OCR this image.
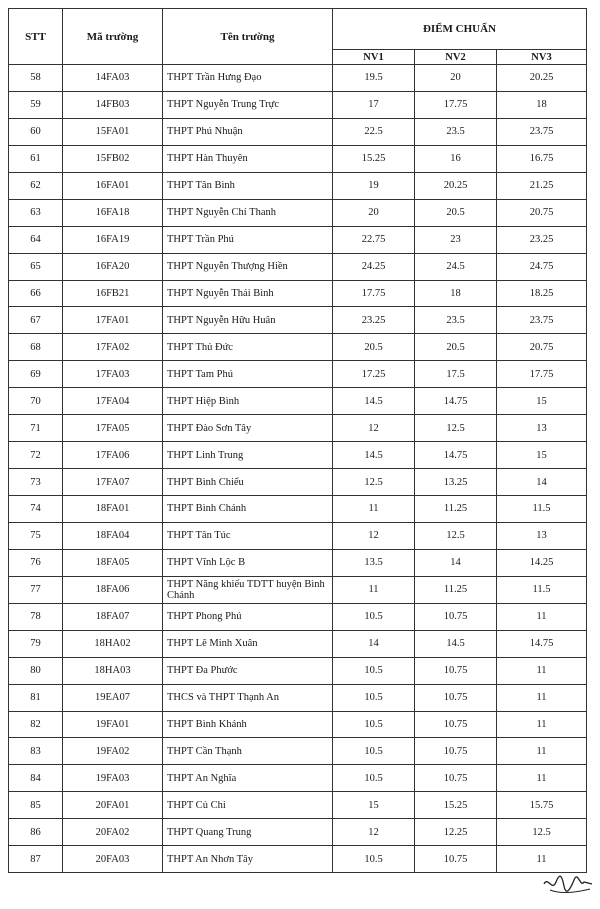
STT	Mã trường	Tên trường	ĐIỂM CHUẨN		
			NV1	NV2	NV3
58	14FA03	THPT Trần Hưng Đạo	19.5	20	20.25
59	14FB03	THPT Nguyễn Trung Trực	17	17.75	18
60	15FA01	THPT Phú Nhuận	22.5	23.5	23.75
61	15FB02	THPT Hàn Thuyên	15.25	16	16.75
62	16FA01	THPT Tân Bình	19	20.25	21.25
63	16FA18	THPT Nguyễn Chí Thanh	20	20.5	20.75
64	16FA19	THPT Trần Phú	22.75	23	23.25
65	16FA20	THPT Nguyễn Thượng Hiền	24.25	24.5	24.75
66	16FB21	THPT Nguyễn Thái Bình	17.75	18	18.25
67	17FA01	THPT Nguyễn Hữu Huân	23.25	23.5	23.75
68	17FA02	THPT Thủ Đức	20.5	20.5	20.75
69	17FA03	THPT Tam Phú	17.25	17.5	17.75
70	17FA04	THPT Hiệp Bình	14.5	14.75	15
71	17FA05	THPT Đào Sơn Tây	12	12.5	13
72	17FA06	THPT Linh Trung	14.5	14.75	15
73	17FA07	THPT Bình Chiểu	12.5	13.25	14
74	18FA01	THPT Bình Chánh	11	11.25	11.5
75	18FA04	THPT Tân Túc	12	12.5	13
76	18FA05	THPT Vĩnh Lộc B	13.5	14	14.25
77	18FA06	THPT Năng khiếu TDTT huyện Bình Chánh	11	11.25	11.5
78	18FA07	THPT Phong Phú	10.5	10.75	11
79	18HA02	THPT Lê Minh Xuân	14	14.5	14.75
80	18HA03	THPT Đa Phước	10.5	10.75	11
81	19EA07	THCS và THPT Thạnh An	10.5	10.75	11
82	19FA01	THPT Bình Khánh	10.5	10.75	11
83	19FA02	THPT Cần Thạnh	10.5	10.75	11
84	19FA03	THPT An Nghĩa	10.5	10.75	11
85	20FA01	THPT Củ Chi	15	15.25	15.75
86	20FA02	THPT Quang Trung	12	12.25	12.5
87	20FA03	THPT An Nhơn Tây	10.5	10.75	11
